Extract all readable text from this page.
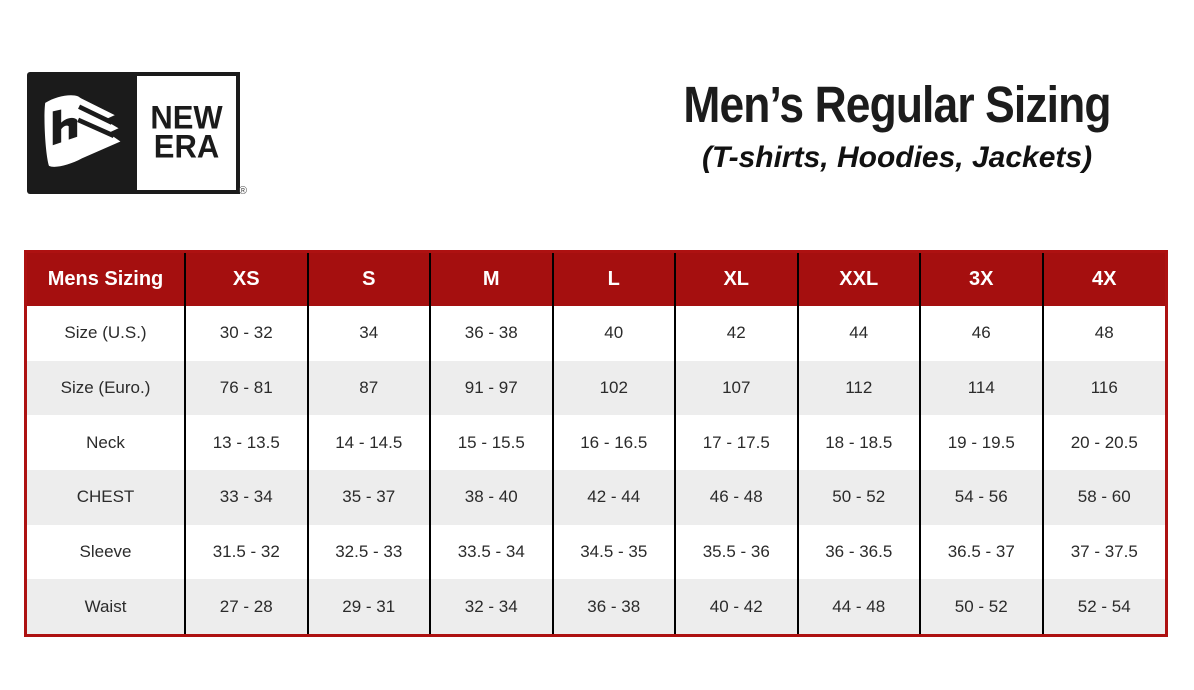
NEW
ERA
®
Men’s Regular Sizing
(T-shirts, Hoodies, Jackets)
Mens Sizing	XS	S	M	L	XL	XXL	3X	4X
Size (U.S.)	30 - 32	34	36 - 38	40	42	44	46	48
Size (Euro.)	76 - 81	87	91 - 97	102	107	112	114	116
Neck	13 - 13.5	14 - 14.5	15 - 15.5	16 - 16.5	17 - 17.5	18 - 18.5	19 - 19.5	20 - 20.5
CHEST	33 - 34	35 - 37	38 - 40	42 - 44	46 - 48	50 - 52	54 - 56	58 - 60
Sleeve	31.5 - 32	32.5 - 33	33.5 - 34	34.5 - 35	35.5 - 36	36 - 36.5	36.5 - 37	37 - 37.5
Waist	27 - 28	29 - 31	32 - 34	36 - 38	40 - 42	44 - 48	50 - 52	52 - 54
